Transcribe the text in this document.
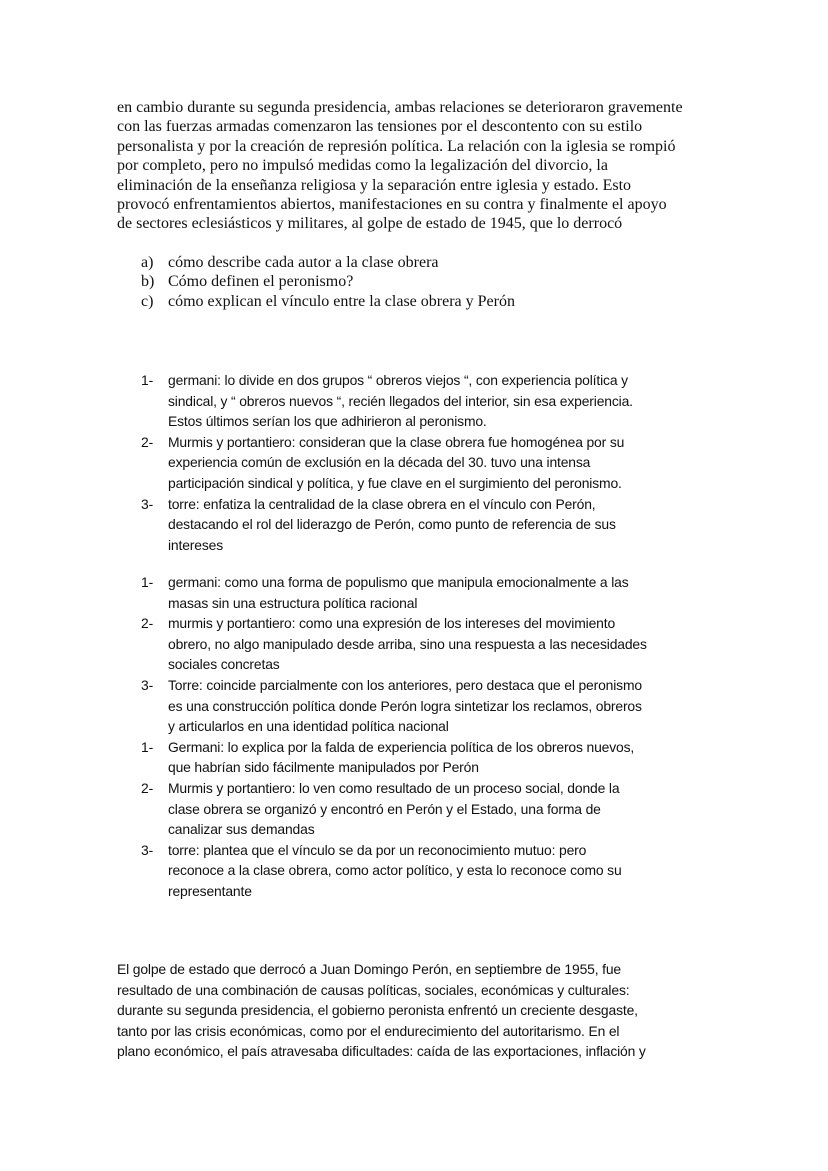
en cambio durante su segunda presidencia, ambas relaciones se deterioraron gravemente
con las fuerzas armadas comenzaron las tensiones por el descontento con su estilo
personalista y por la creación de represión política. La relación con la iglesia se rompió
por completo, pero no impulsó medidas como la legalización del divorcio, la
eliminación de la enseñanza religiosa y la separación entre iglesia y estado. Esto
provocó enfrentamientos abiertos, manifestaciones en su contra y finalmente el apoyo
de sectores eclesiásticos y militares, al golpe de estado de 1945, que lo derrocó
a) cómo describe cada autor a la clase obrera
b) Cómo definen el peronismo?
c) cómo explican el vínculo entre la clase obrera y Perón
1- germani: lo divide en dos grupos “ obreros viejos “, con experiencia política y
sindical, y “ obreros nuevos “, recién llegados del interior, sin esa experiencia.
Estos últimos serían los que adhirieron al peronismo.
2- Murmis y portantiero: consideran que la clase obrera fue homogénea por su
experiencia común de exclusión en la década del 30. tuvo una intensa
participación sindical y política, y fue clave en el surgimiento del peronismo.
3- torre: enfatiza la centralidad de la clase obrera en el vínculo con Perón,
destacando el rol del liderazgo de Perón, como punto de referencia de sus
intereses
1- germani: como una forma de populismo que manipula emocionalmente a las
masas sin una estructura política racional
2- murmis y portantiero: como una expresión de los intereses del movimiento
obrero, no algo manipulado desde arriba, sino una respuesta a las necesidades
sociales concretas
3- Torre: coincide parcialmente con los anteriores, pero destaca que el peronismo
es una construcción política donde Perón logra sintetizar los reclamos, obreros
y articularlos en una identidad política nacional
1- Germani: lo explica por la falda de experiencia política de los obreros nuevos,
que habrían sido fácilmente manipulados por Perón
2- Murmis y portantiero: lo ven como resultado de un proceso social, donde la
clase obrera se organizó y encontró en Perón y el Estado, una forma de
canalizar sus demandas
3- torre: plantea que el vínculo se da por un reconocimiento mutuo: pero
reconoce a la clase obrera, como actor político, y esta lo reconoce como su
representante
El golpe de estado que derrocó a Juan Domingo Perón, en septiembre de 1955, fue
resultado de una combinación de causas políticas, sociales, económicas y culturales:
durante su segunda presidencia, el gobierno peronista enfrentó un creciente desgaste,
tanto por las crisis económicas, como por el endurecimiento del autoritarismo. En el
plano económico, el país atravesaba dificultades: caída de las exportaciones, inflación y
